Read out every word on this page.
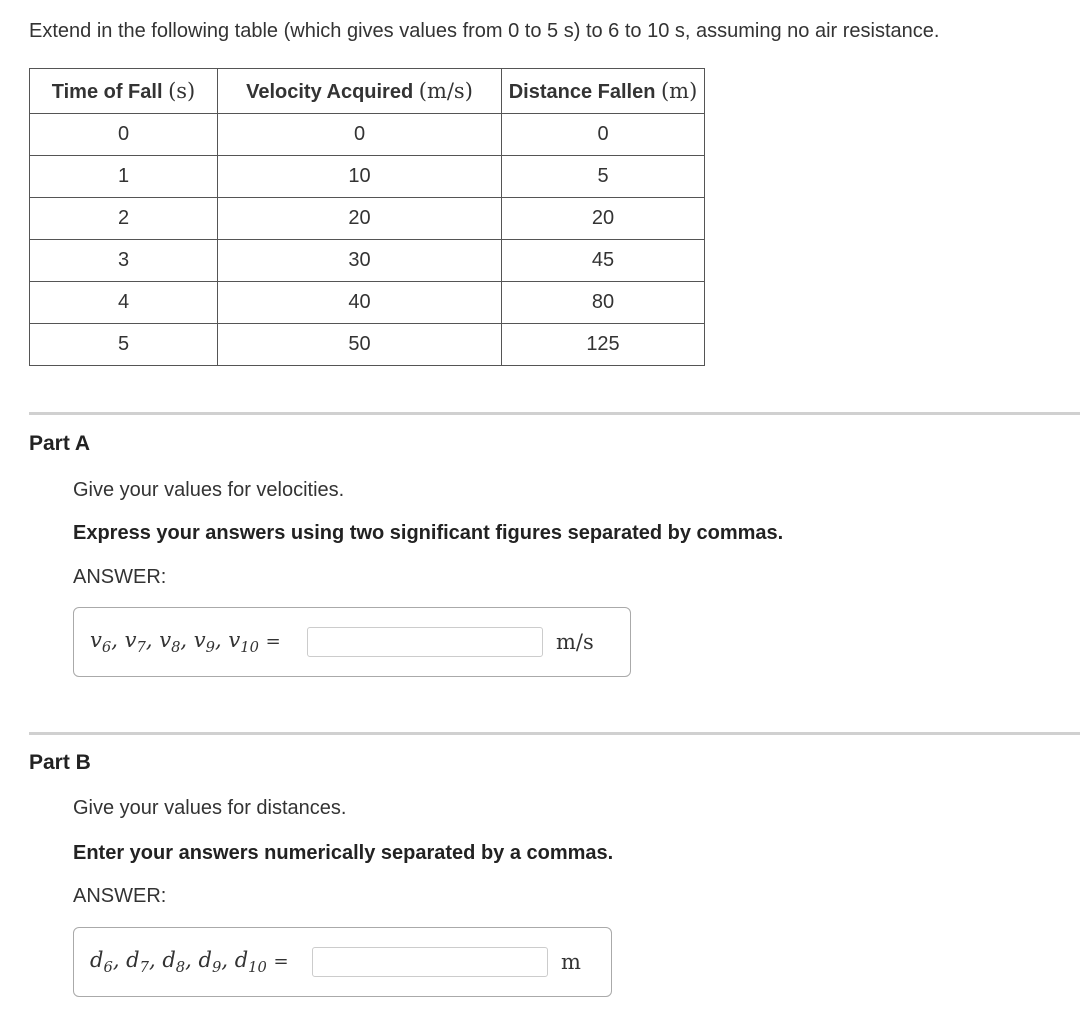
Extend in the following table (which gives values from 0 to 5 s) to 6 to 10 s, assuming no air resistance.
Time of Fall (s)	Velocity Acquired (m/s)	Distance Fallen (m)
0	0	0
1	10	5
2	20	20
3	30	45
4	40	80
5	50	125
Part A
Give your values for velocities.
Express your answers using two significant figures separated by commas.
ANSWER:
$v_6$, $v_7$, $v_8$, $v_9$, $v_{10}$ =	m/s
Part B
Give your values for distances.
Enter your answers numerically separated by a commas.
ANSWER:
$d_6$, $d_7$, $d_8$, $d_9$, $d_{10}$ =	m
